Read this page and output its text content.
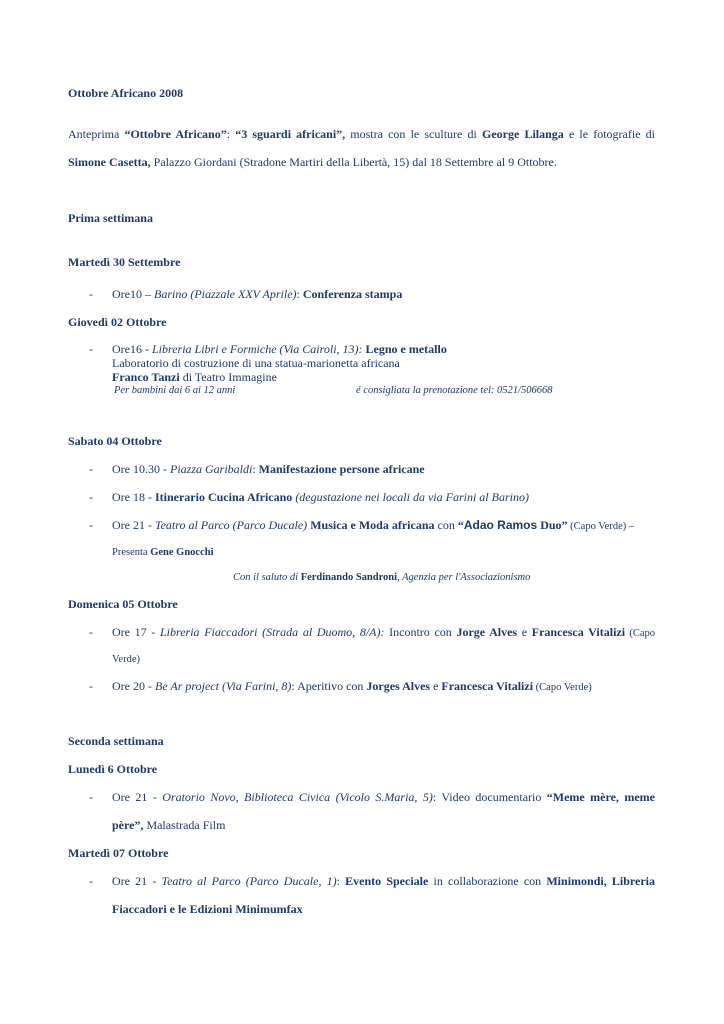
Ottobre Africano 2008
Anteprima “Ottobre Africano”: “3 sguardi africani”, mostra con le sculture di George Lilanga e le fotografie di
Simone Casetta, Palazzo Giordani (Stradone Martiri della Libertà, 15) dal 18 Settembre al 9 Ottobre.
Prima settimana
Martedì 30 Settembre
- Ore10 – Barino (Piazzale XXV Aprile): Conferenza stampa
Giovedì 02 Ottobre
- Ore16 - Libreria Libri e Formiche (Via Cairoli, 13): Legno e metallo
Laboratorio di costruzione di una statua-marionetta africana
Franco Tanzi di Teatro Immagine
Per bambini dai 6 ai 12 anni	é consigliata la prenotazione tel: 0521/506668
Sabato 04 Ottobre
- Ore 10.30 - Piazza Garibaldi: Manifestazione persone africane
- Ore 18 - Itinerario Cucina Africano (degustazione nei locali da via Farini al Barino)
- Ore 21 - Teatro al Parco (Parco Ducale) Musica e Moda africana con “Adao Ramos Duo” (Capo Verde) –
Presenta Gene Gnocchi
Con il saluto di Ferdinando Sandroni, Agenzia per l'Associazionismo
Domenica 05 Ottobre
- Ore 17 - Libreria Fiaccadori (Strada al Duomo, 8/A): Incontro con Jorge Alves e Francesca Vitalizi (Capo
Verde)
- Ore 20 - Be Ar project (Via Farini, 8): Aperitivo con Jorges Alves e Francesca Vitalizi (Capo Verde)
Seconda settimana
Lunedì 6 Ottobre
- Ore 21 - Oratorio Novo, Biblioteca Civica (Vicolo S.Maria, 5): Video documentario “Meme mère, meme
père”, Malastrada Film
Martedì 07 Ottobre
- Ore 21 - Teatro al Parco (Parco Ducale, 1): Evento Speciale in collaborazione con Minimondi, Libreria
Fiaccadori e le Edizioni Minimumfax
